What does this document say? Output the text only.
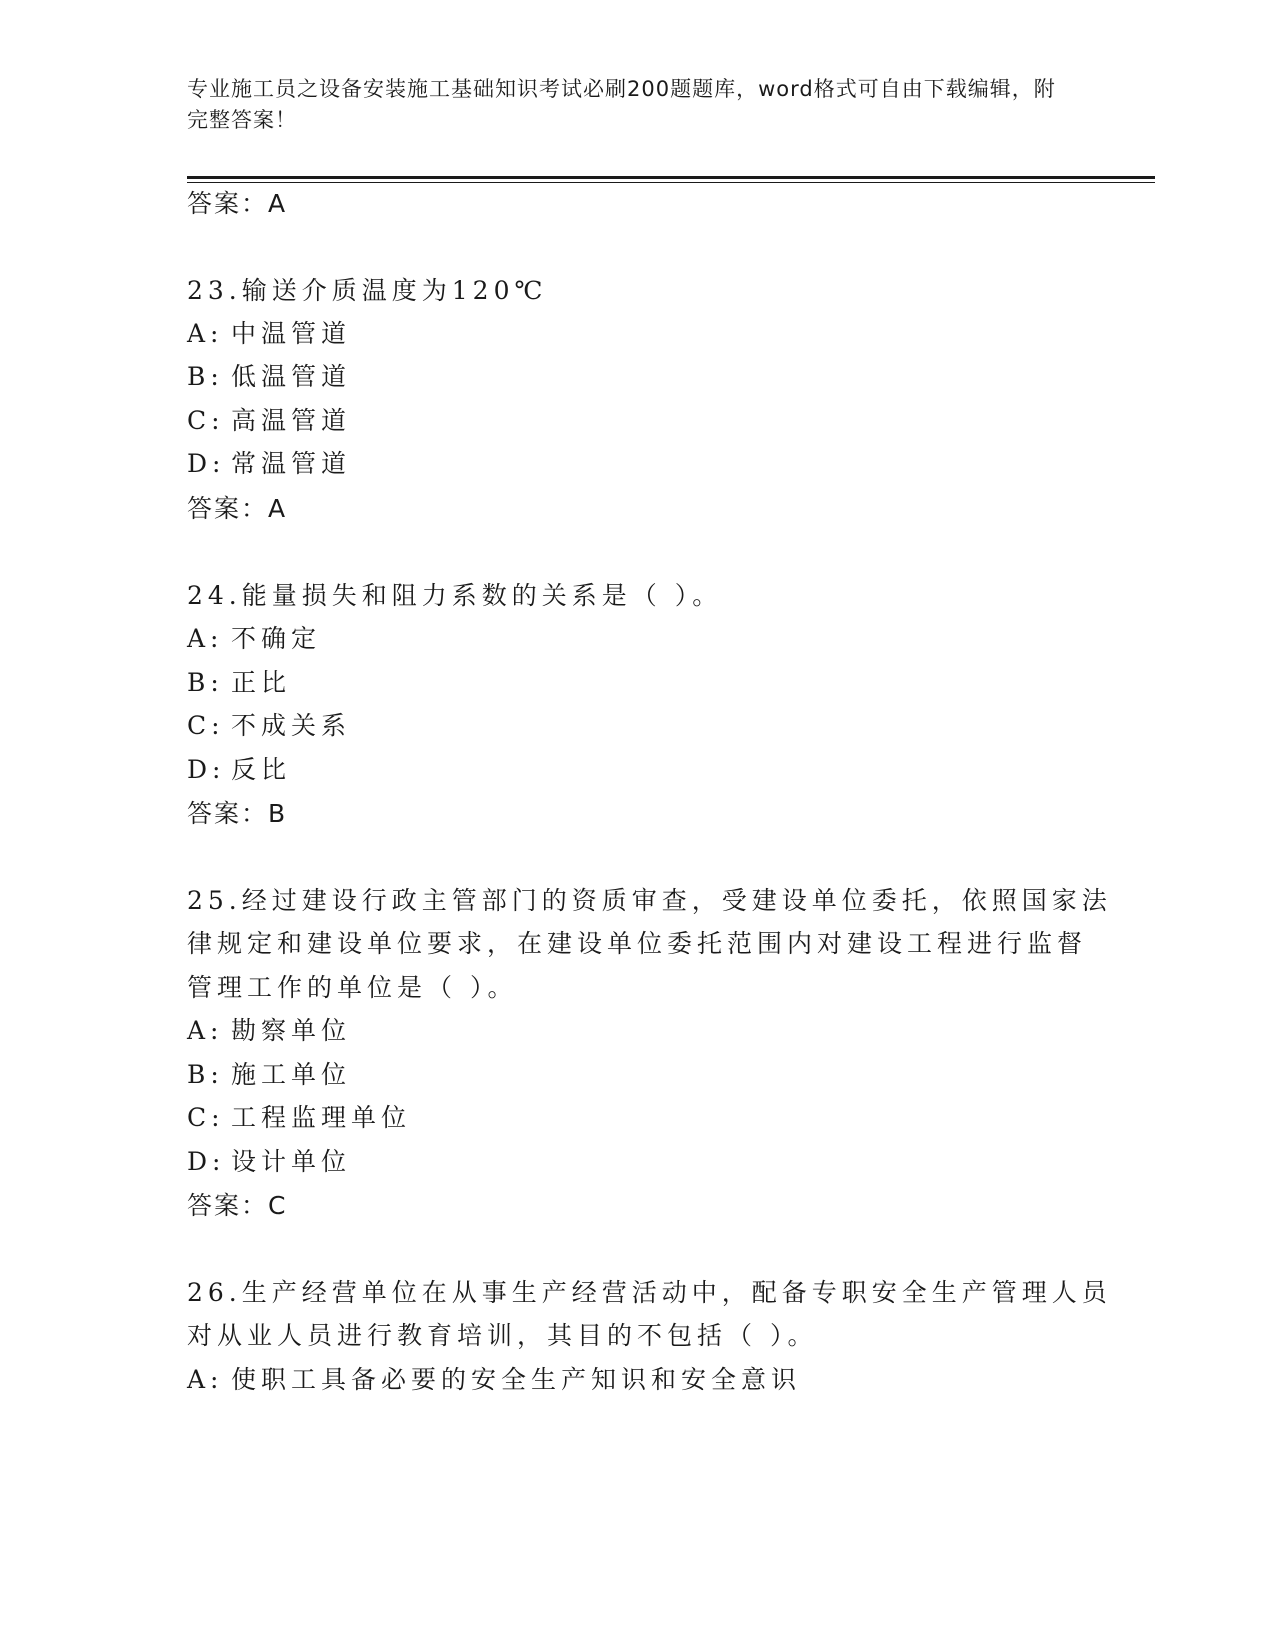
专业施工员之设备安装施工基础知识考试必刷200题题库，word格式可自由下载编辑，附完整答案！
答案：A
23.输送介质温度为120℃
A: 中温管道
B: 低温管道
C: 高温管道
D: 常温管道
答案：A
24.能量损失和阻力系数的关系是（ ）。
A: 不确定
B: 正比
C: 不成关系
D: 反比
答案：B
25.经过建设行政主管部门的资质审查，受建设单位委托，依照国家法
律规定和建设单位要求，在建设单位委托范围内对建设工程进行监督
管理工作的单位是（ ）。
A: 勘察单位
B: 施工单位
C: 工程监理单位
D: 设计单位
答案：C
26.生产经营单位在从事生产经营活动中，配备专职安全生产管理人员
对从业人员进行教育培训，其目的不包括（ ）。
A: 使职工具备必要的安全生产知识和安全意识
